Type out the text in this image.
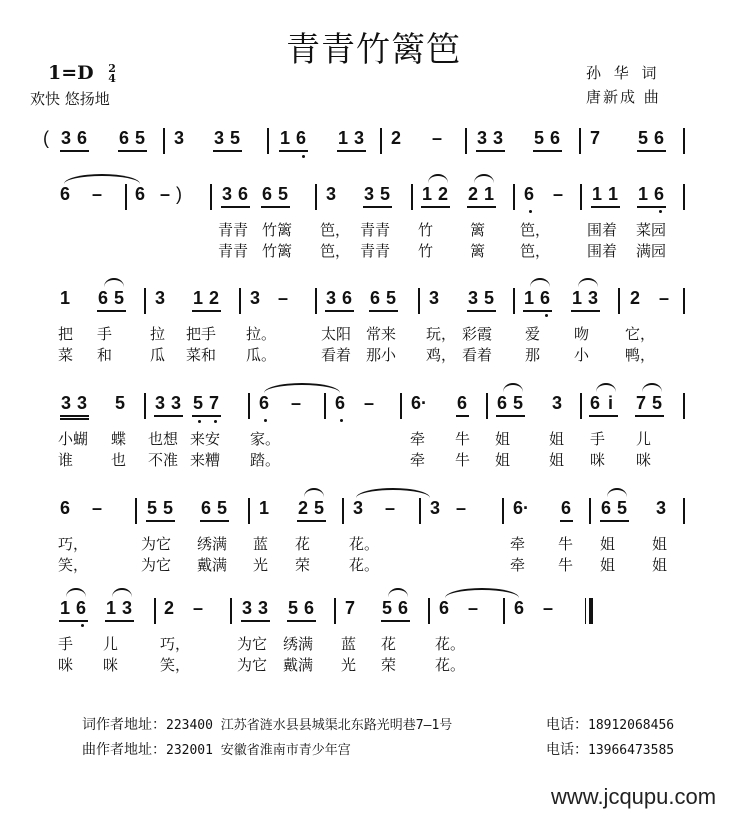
青青竹篱笆
1=D 2
4
欢快 悠扬地
孙 华 词
唐新成 曲
( 3 6 6 5 3 3 5 1 6 1 3 2 – 3 3 5 6 7 5 6
6 – 6 – ) 3 6 6 5 3 3 5 1 2 2 1 6 – 1 1 1 6
青青 竹篱 笆， 青青 竹 篱 笆， 围着 菜园
青青 竹篱 笆， 青青 竹 篱 笆， 围着 满园
1 6 5 3 1 2 3 – 3 6 6 5 3 3 5 1 6 1 3 2 –
把 手	拉 把手 拉。	太阳 常来 玩， 彩霞 爱 吻 它，
菜 和	瓜 菜和 瓜。	看着 那小 鸡， 看着 那 小 鸭，
3 3 5 3 3 5 7 6 – 6 – 6· 6 6 5 3 6 i 7 5
小蝴 蝶 也想 来安 家。	牵 牛 姐	姐 手 儿
谁	也 不准 来糟 踏。	牵 牛 姐	姐 咪 咪
6 – 5 5 6 5 1 2 5 3 – 3 –	6· 6 6 5 3
巧，	为它 绣满 蓝 花	花。	牵 牛 姐 姐
笑，	为它 戴满 光 荣	花。	牵 牛 姐 姐
1 6 1 3 2 – 3 3 5 6 7 5 6 6 – 6 –
手 儿	巧，	为它 绣满 蓝 花	花。
咪 咪	笑，	为它 戴满 光 荣	花。
词作者地址：223400 江苏省涟水县县城渠北东路光明巷7—1号	电话：18912068456
曲作者地址：232001 安徽省淮南市青少年宫	电话：13966473585
www.jcqupu.com
